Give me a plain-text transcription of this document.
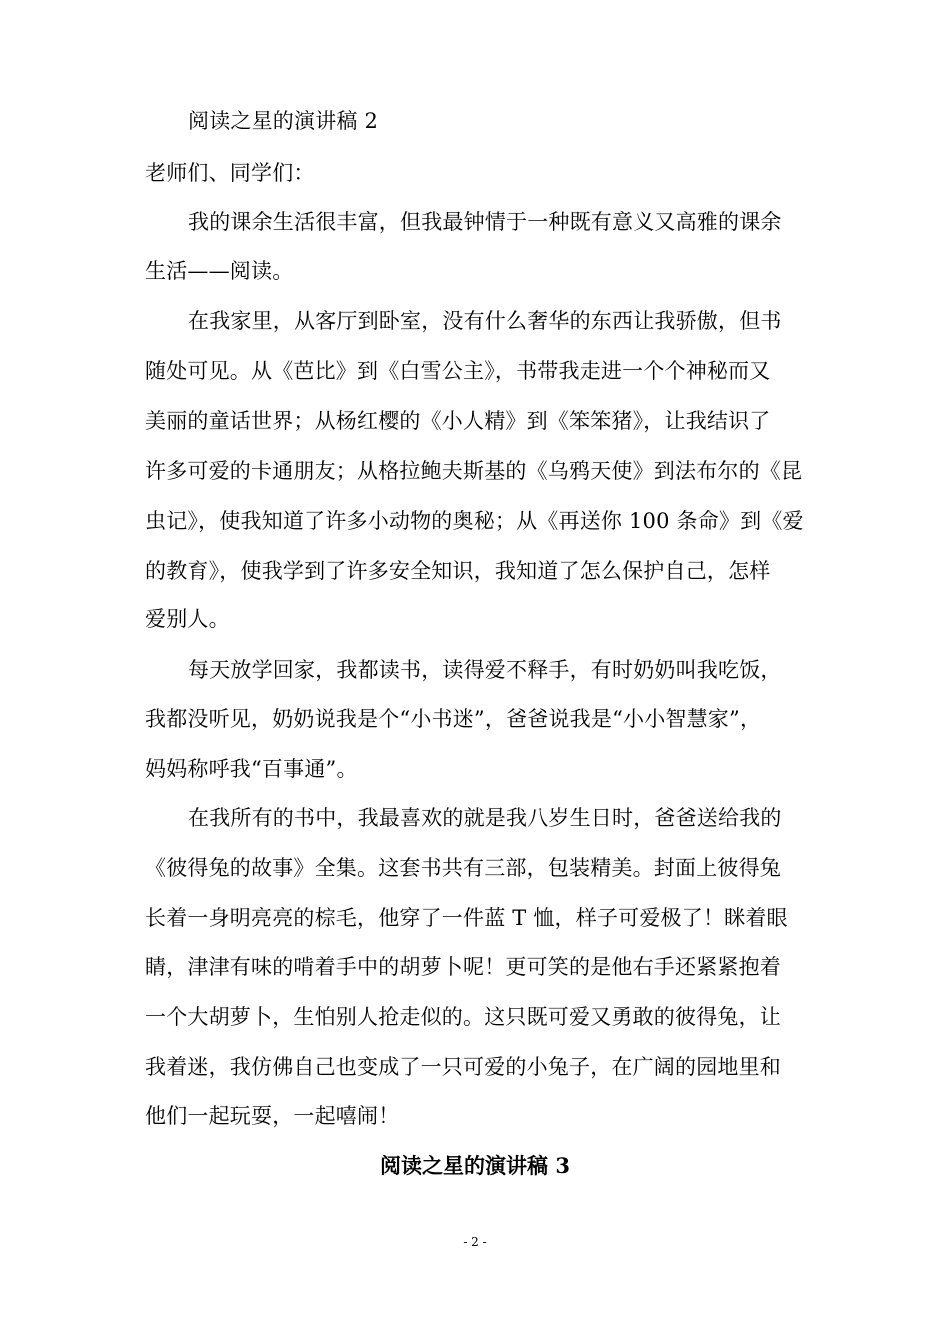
阅读之星的演讲稿 2
老师们、同学们：
我的课余生活很丰富，但我最钟情于一种既有意义又高雅的课余
生活——阅读。
在我家里，从客厅到卧室，没有什么奢华的东西让我骄傲，但书
随处可见。从《芭比》到《白雪公主》，书带我走进一个个神秘而又
美丽的童话世界；从杨红樱的《小人精》到《笨笨猪》，让我结识了
许多可爱的卡通朋友；从格拉鲍夫斯基的《乌鸦天使》到法布尔的《昆
虫记》，使我知道了许多小动物的奥秘；从《再送你 100 条命》到《爱
的教育》，使我学到了许多安全知识，我知道了怎么保护自己，怎样
爱别人。
每天放学回家，我都读书，读得爱不释手，有时奶奶叫我吃饭，
我都没听见，奶奶说我是个“小书迷”，爸爸说我是“小小智慧家”，
妈妈称呼我“百事通”。
在我所有的书中，我最喜欢的就是我八岁生日时，爸爸送给我的
《彼得兔的故事》全集。这套书共有三部，包装精美。封面上彼得兔
长着一身明亮亮的棕毛，他穿了一件蓝 T 恤，样子可爱极了！眯着眼
睛，津津有味的啃着手中的胡萝卜呢！更可笑的是他右手还紧紧抱着
一个大胡萝卜，生怕别人抢走似的。这只既可爱又勇敢的彼得兔，让
我着迷，我仿佛自己也变成了一只可爱的小兔子，在广阔的园地里和
他们一起玩耍，一起嘻闹！
阅读之星的演讲稿 3
- 2 -
